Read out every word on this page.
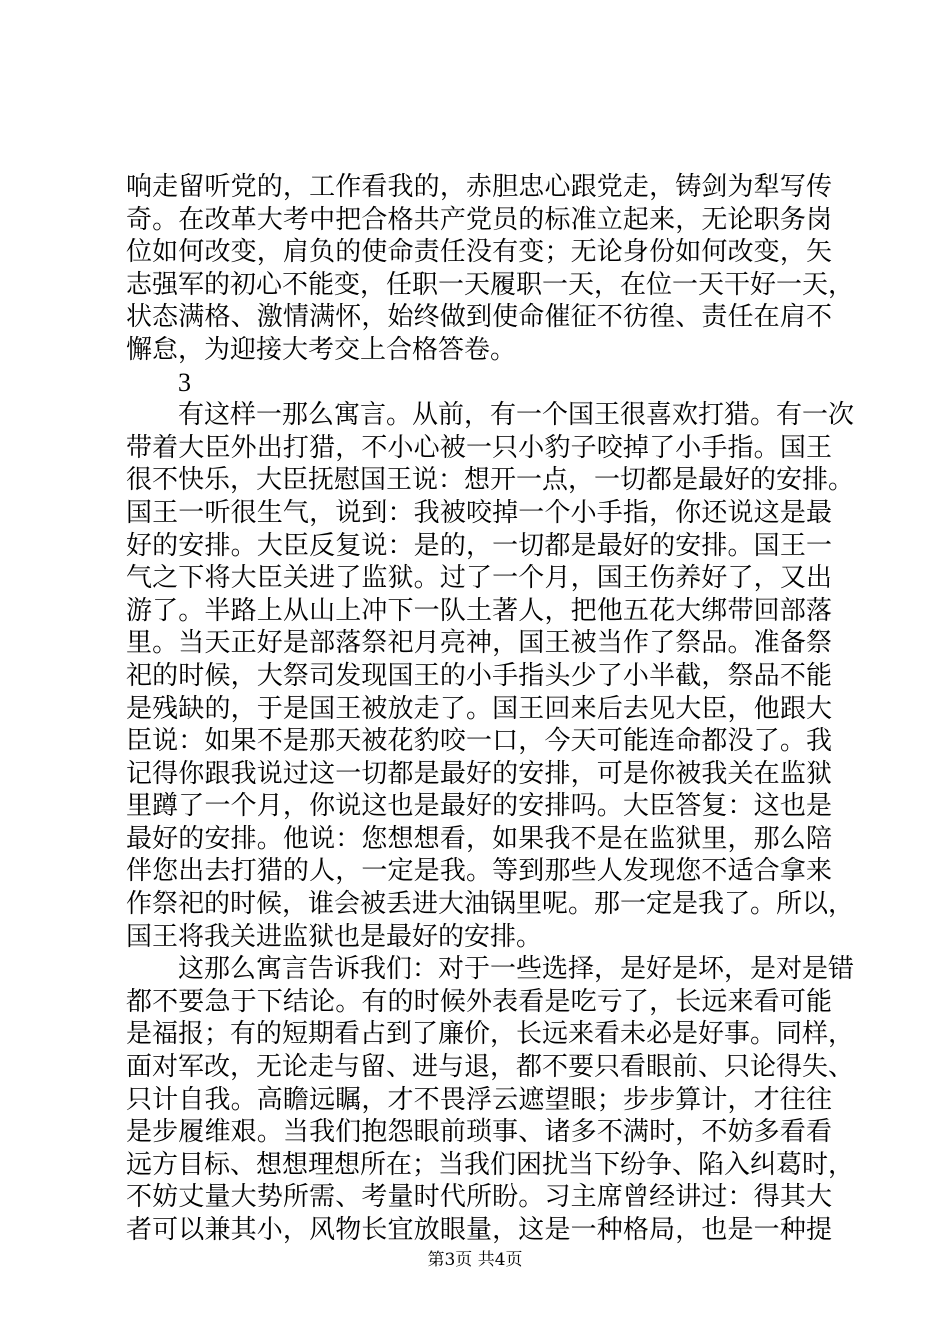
响走留听党的，工作看我的，赤胆忠心跟党走，铸剑为犁写传
奇。在改革大考中把合格共产党员的标准立起来，无论职务岗
位如何改变，肩负的使命责任没有变；无论身份如何改变，矢
志强军的初心不能变，任职一天履职一天，在位一天干好一天，
状态满格、激情满怀，始终做到使命催征不彷徨、责任在肩不
懈怠，为迎接大考交上合格答卷。
3
有这样一那么寓言。从前，有一个国王很喜欢打猎。有一次
带着大臣外出打猎，不小心被一只小豹子咬掉了小手指。国王
很不快乐，大臣抚慰国王说：想开一点，一切都是最好的安排。
国王一听很生气，说到：我被咬掉一个小手指，你还说这是最
好的安排。大臣反复说：是的，一切都是最好的安排。国王一
气之下将大臣关进了监狱。过了一个月，国王伤养好了，又出
游了。半路上从山上冲下一队土著人，把他五花大绑带回部落
里。当天正好是部落祭祀月亮神，国王被当作了祭品。准备祭
祀的时候，大祭司发现国王的小手指头少了小半截，祭品不能
是残缺的，于是国王被放走了。国王回来后去见大臣，他跟大
臣说：如果不是那天被花豹咬一口，今天可能连命都没了。我
记得你跟我说过这一切都是最好的安排，可是你被我关在监狱
里蹲了一个月，你说这也是最好的安排吗。大臣答复：这也是
最好的安排。他说：您想想看，如果我不是在监狱里，那么陪
伴您出去打猎的人，一定是我。等到那些人发现您不适合拿来
作祭祀的时候，谁会被丢进大油锅里呢。那一定是我了。所以，
国王将我关进监狱也是最好的安排。
这那么寓言告诉我们：对于一些选择，是好是坏，是对是错
都不要急于下结论。有的时候外表看是吃亏了，长远来看可能
是福报；有的短期看占到了廉价，长远来看未必是好事。同样，
面对军改，无论走与留、进与退，都不要只看眼前、只论得失、
只计自我。高瞻远瞩，才不畏浮云遮望眼；步步算计，才往往
是步履维艰。当我们抱怨眼前琐事、诸多不满时，不妨多看看
远方目标、想想理想所在；当我们困扰当下纷争、陷入纠葛时，
不妨丈量大势所需、考量时代所盼。习主席曾经讲过：得其大
者可以兼其小，风物长宜放眼量，这是一种格局，也是一种提
第3页 共4页
